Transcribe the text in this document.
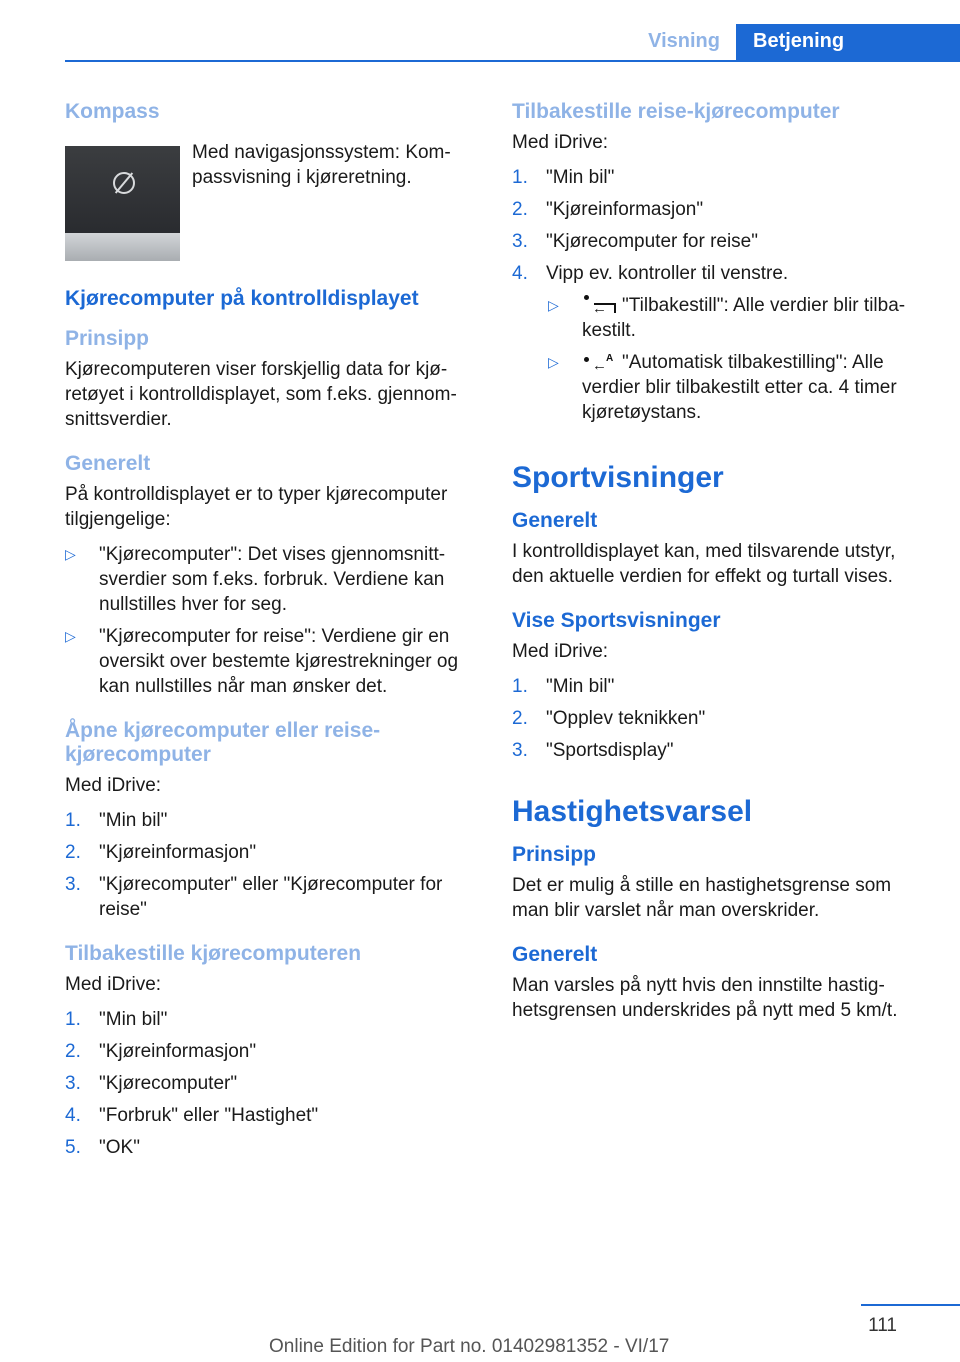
Visning	Betjening
Kompass
Med navigasjonssystem: Kompassvisning i kjøreretning.
Kjørecomputer på kontrolldisplayet
Prinsipp

Kjørecomputeren viser forskjellig data for kjøretøyet i kontrolldisplayet, som f.eks. gjennomsnittsverdier.

Generelt

På kontrolldisplayet er to typer kjørecomputer tilgjengelige:

▷ "Kjørecomputer": Det vises gjennomsnittsverdier som f.eks. forbruk. Verdiene kan nullstilles hver for seg.
▷ "Kjørecomputer for reise": Verdiene gir en oversikt over bestemte kjørestrekninger og kan nullstilles når man ønsker det.
Åpne kjørecomputer eller reisekjørecomputer

Med iDrive:

1. "Min bil"
2. "Kjøreinformasjon"
3. "Kjørecomputer" eller "Kjørecomputer for reise"
Tilbakestille kjørecomputeren

Med iDrive:

1. "Min bil"
2. "Kjøreinformasjon"
3. "Kjørecomputer"
4. "Forbruk" eller "Hastighet"
5. "OK"
Tilbakestille reise-kjørecomputer

Med iDrive:

1. "Min bil"
2. "Kjøreinformasjon"
3. "Kjørecomputer for reise"
4. Vipp ev. kontroller til venstre.
▷ ← "Tilbakestill": Alle verdier blir tilbakestilt.
▷ ←
A "Automatisk tilbakestilling": Alle verdier blir tilbakestilt etter ca. 4 timer kjøretøystans.
Sportvisninger
Generelt

I kontrolldisplayet kan, med tilsvarende utstyr, den aktuelle verdien for effekt og turtall vises.

Vise Sportsvisninger

Med iDrive:

1. "Min bil"
2. "Opplev teknikken"
3. "Sportsdisplay"
Hastighetsvarsel
Prinsipp

Det er mulig å stille en hastighetsgrense som man blir varslet når man overskrider.

Generelt

Man varsles på nytt hvis den innstilte hastighetsgrensen underskrides på nytt med 5 km/t.

111
Online Edition for Part no. 01402981352 - VI/17
